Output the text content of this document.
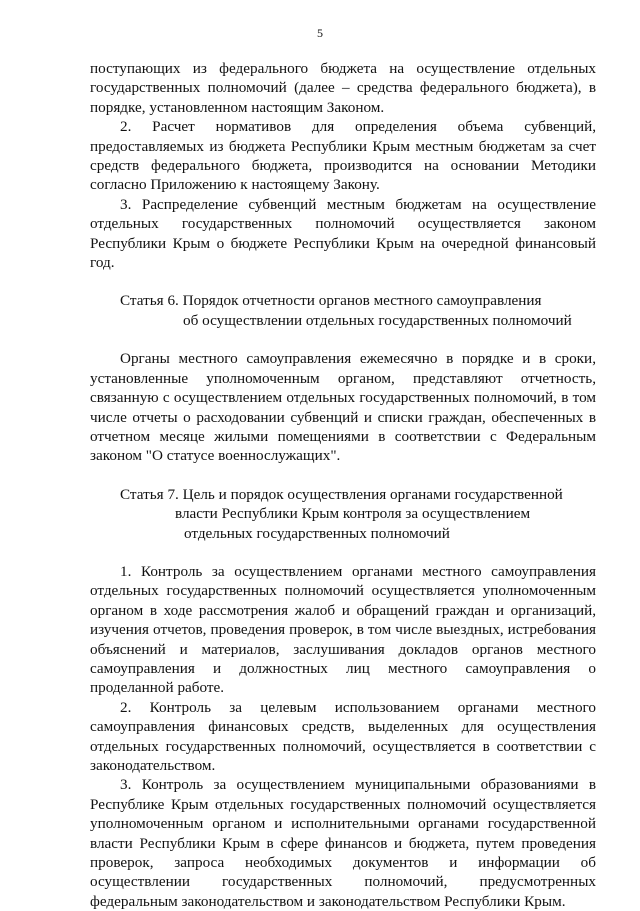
5

поступающих из федерального бюджета на осуществление отдельных государственных полномочий (далее – средства федерального бюджета), в порядке, установленном настоящим Законом.

2. Расчет нормативов для определения объема субвенций, предоставляемых из бюджета Республики Крым местным бюджетам за счет средств федерального бюджета, производится на основании Методики согласно Приложению к настоящему Закону.

3. Распределение субвенций местным бюджетам на осуществление отдельных государственных полномочий осуществляется законом Республики Крым о бюджете Республики Крым на очередной финансовый год.

Статья 6. Порядок отчетности органов местного самоуправления
об осуществлении отдельных государственных полномочий

Органы местного самоуправления ежемесячно в порядке и в сроки, установленные уполномоченным органом, представляют отчетность, связанную с осуществлением отдельных государственных полномочий, в том числе отчеты о расходовании субвенций и списки граждан, обеспеченных в отчетном месяце жилыми помещениями в соответствии с Федеральным законом "О статусе военнослужащих".

Статья 7. Цель и порядок осуществления органами государственной
власти Республики Крым контроля за осуществлением
отдельных государственных полномочий

1. Контроль за осуществлением органами местного самоуправления отдельных государственных полномочий осуществляется уполномоченным органом в ходе рассмотрения жалоб и обращений граждан и организаций, изучения отчетов, проведения проверок, в том числе выездных, истребования объяснений и материалов, заслушивания докладов органов местного самоуправления и должностных лиц местного самоуправления о проделанной работе.

2. Контроль за целевым использованием органами местного самоуправления финансовых средств, выделенных для осуществления отдельных государственных полномочий, осуществляется в соответствии с законодательством.

3. Контроль за осуществлением муниципальными образованиями в Республике Крым отдельных государственных полномочий осуществляется уполномоченным органом и исполнительными органами государственной власти Республики Крым в сфере финансов и бюджета, путем проведения проверок, запроса необходимых документов и информации об осуществлении государственных полномочий, предусмотренных федеральным законодательством и законодательством Республики Крым.
